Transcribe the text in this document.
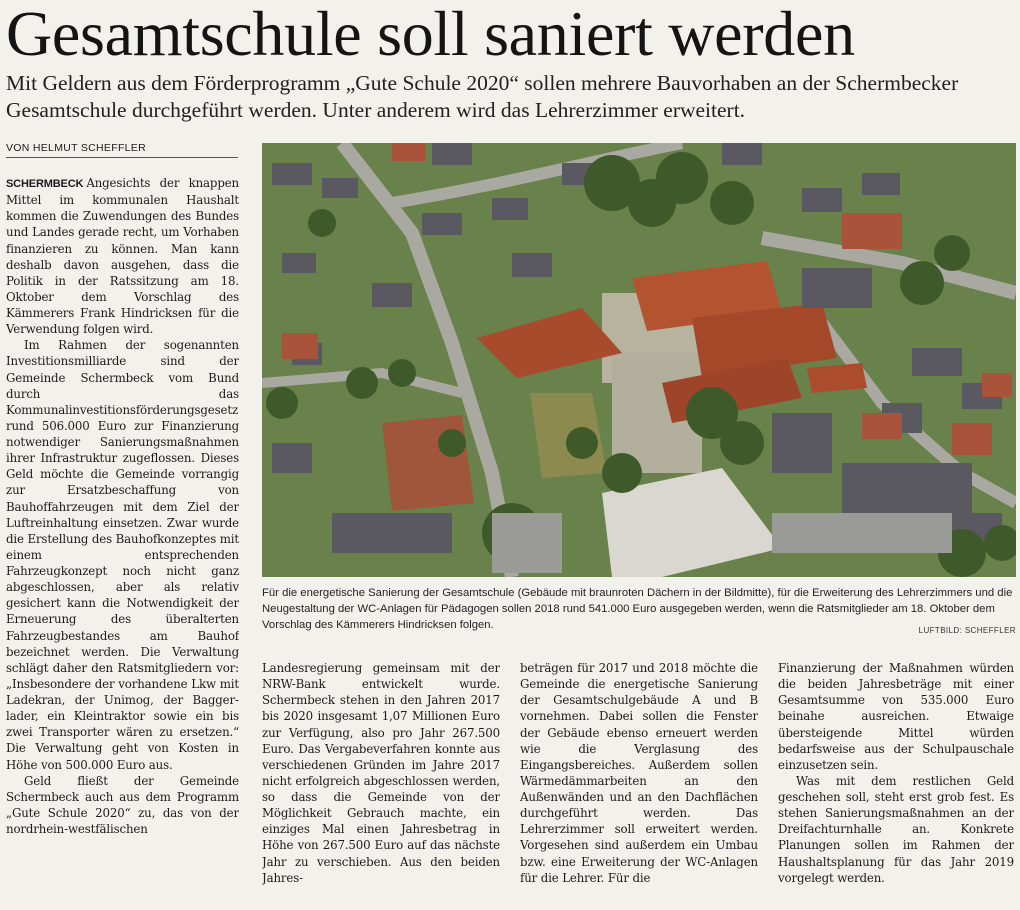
Gesamtschule soll saniert werden

Mit Geldern aus dem Förderprogramm „Gute Schule 2020“ sollen mehrere Bauvorhaben an der Schermbecker Gesamtschule durchgeführt werden. Unter anderem wird das Lehrerzimmer erweitert.

VON HELMUT SCHEFFLER

SCHERMBECK Angesichts der knappen Mittel im kommunalen Haushalt kommen die Zuwendungen des Bundes und Landes gerade recht, um Vorhaben finanzieren zu können. Man kann deshalb davon ausgehen, dass die Politik in der Ratssitzung am 18. Oktober dem Vorschlag des Kämmerers Frank Hindricksen für die Verwendung folgen wird.

Im Rahmen der sogenannten Investitionsmilliarde sind der Gemeinde Schermbeck vom Bund durch das Kommunalinvestitionsförderungsgesetz rund 506.000 Euro zur Finanzierung notwendiger Sanierungsmaßnahmen ihrer Infrastruktur zugeflossen. Dieses Geld möchte die Gemeinde vorrangig zur Ersatzbeschaffung von Bauhoffahrzeugen mit dem Ziel der Luftreinhaltung einsetzen. Zwar wurde die Erstellung des Bauhofkonzeptes mit einem entsprechenden Fahrzeugkonzept noch nicht ganz abgeschlossen, aber als relativ gesichert kann die Notwendigkeit der Erneuerung des überalterten Fahrzeugbestandes am Bauhof bezeichnet werden. Die Verwaltung schlägt daher den Ratsmitgliedern vor: „Insbesondere der vorhandene Lkw mit Ladekran, der Unimog, der Baggerlader, ein Kleintraktor sowie ein bis zwei Transporter wären zu ersetzen.“ Die Verwaltung geht von Kosten in Höhe von 500.000 Euro aus.

Geld fließt der Gemeinde Schermbeck auch aus dem Programm „Gute Schule 2020“ zu, das von der nordrhein-westfälischen

Für die energetische Sanierung der Gesamtschule (Gebäude mit braunroten Dächern in der Bildmitte), für die Erweiterung des Lehrerzimmers und die Neugestaltung der WC-Anlagen für Pädagogen sollen 2018 rund 541.000 Euro ausgegeben werden, wenn die Ratsmitglieder am 18. Oktober dem Vorschlag des Kämmerers Hindricksen folgen.	LUFTBILD: SCHEFFLER

Landesregierung gemeinsam mit der NRW-Bank entwickelt wurde. Schermbeck stehen in den Jahren 2017 bis 2020 insgesamt 1,07 Millionen Euro zur Verfügung, also pro Jahr 267.500 Euro. Das Vergabeverfahren konnte aus verschiedenen Gründen im Jahre 2017 nicht erfolgreich abgeschlossen werden, so dass die Gemeinde von der Möglichkeit Gebrauch machte, ein einziges Mal einen Jahresbetrag in Höhe von 267.500 Euro auf das nächste Jahr zu verschieben. Aus den beiden Jahres-

beträgen für 2017 und 2018 möchte die Gemeinde die energetische Sanierung der Gesamtschulgebäude A und B vornehmen. Dabei sollen die Fenster der Gebäude ebenso erneuert werden wie die Verglasung des Eingangsbereiches. Außerdem sollen Wärmedämmarbeiten an den Außenwänden und an den Dachflächen durchgeführt werden. Das Lehrerzimmer soll erweitert werden. Vorgesehen sind außerdem ein Umbau bzw. eine Erweiterung der WC-Anlagen für die Lehrer. Für die

Finanzierung der Maßnahmen würden die beiden Jahresbeträge mit einer Gesamtsumme von 535.000 Euro beinahe ausreichen. Etwaige übersteigende Mittel würden bedarfsweise aus der Schulpauschale einzusetzen sein.

Was mit dem restlichen Geld geschehen soll, steht erst grob fest. Es stehen Sanierungsmaßnahmen an der Dreifachturnhalle an. Konkrete Planungen sollen im Rahmen der Haushaltsplanung für das Jahr 2019 vorgelegt werden.
